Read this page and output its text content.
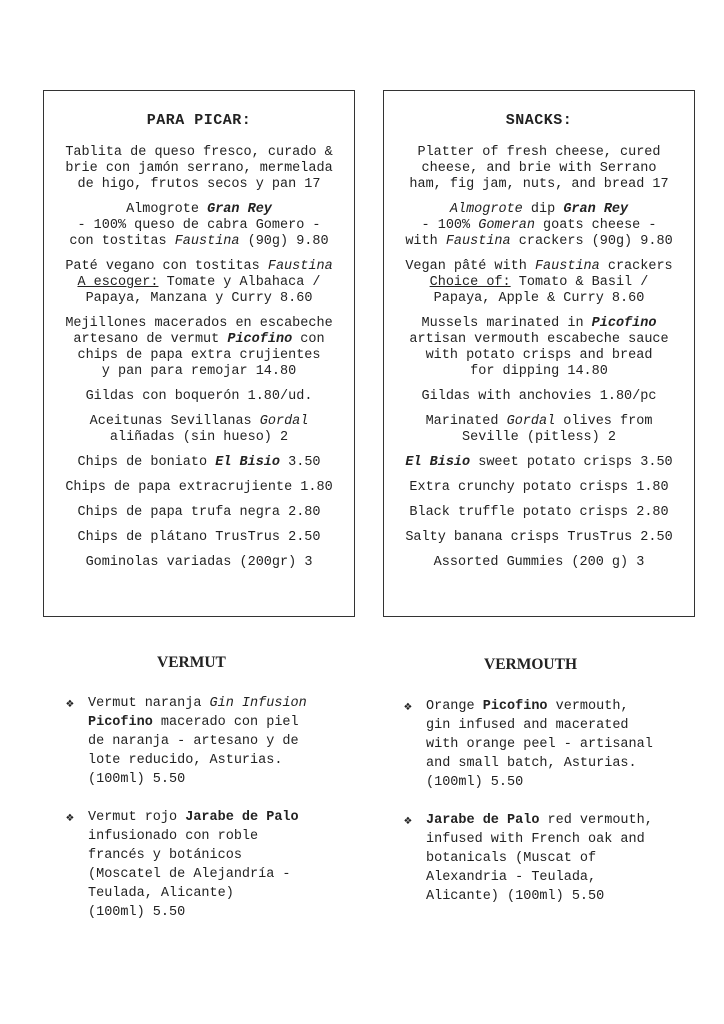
PARA PICAR:
Tablita de queso fresco, curado &
brie con jamón serrano, mermelada
de higo, frutos secos y pan 17
Almogrote Gran Rey
- 100% queso de cabra Gomero -
con tostitas Faustina (90g) 9.80
Paté vegano con tostitas Faustina
A escoger: Tomate y Albahaca /
Papaya, Manzana y Curry 8.60
Mejillones macerados en escabeche
artesano de vermut Picofino con
chips de papa extra crujientes
y pan para remojar 14.80
Gildas con boquerón 1.80/ud.
Aceitunas Sevillanas Gordal
aliñadas (sin hueso) 2
Chips de boniato El Bisio 3.50
Chips de papa extracrujiente 1.80
Chips de papa trufa negra 2.80
Chips de plátano TrusTrus 2.50
Gominolas variadas (200gr) 3
SNACKS:
Platter of fresh cheese, cured
cheese, and brie with Serrano
ham, fig jam, nuts, and bread 17
Almogrote dip Gran Rey
- 100% Gomeran goats cheese -
with Faustina crackers (90g) 9.80
Vegan pâté with Faustina crackers
Choice of: Tomato & Basil /
Papaya, Apple & Curry 8.60
Mussels marinated in Picofino
artisan vermouth escabeche sauce
with potato crisps and bread
for dipping 14.80
Gildas with anchovies 1.80/pc
Marinated Gordal olives from
Seville (pitless) 2
El Bisio sweet potato crisps 3.50
Extra crunchy potato crisps 1.80
Black truffle potato crisps 2.80
Salty banana crisps TrusTrus 2.50
Assorted Gummies (200 g) 3
VERMUT
❖ Vermut naranja Gin Infusion
Picofino macerado con piel
de naranja - artesano y de
lote reducido, Asturias.
(100ml) 5.50
❖ Vermut rojo Jarabe de Palo
infusionado con roble
francés y botánicos
(Moscatel de Alejandría -
Teulada, Alicante)
(100ml) 5.50
VERMOUTH
❖ Orange Picofino vermouth,
gin infused and macerated
with orange peel - artisanal
and small batch, Asturias.
(100ml) 5.50
❖ Jarabe de Palo red vermouth,
infused with French oak and
botanicals (Muscat of
Alexandria - Teulada,
Alicante) (100ml) 5.50
